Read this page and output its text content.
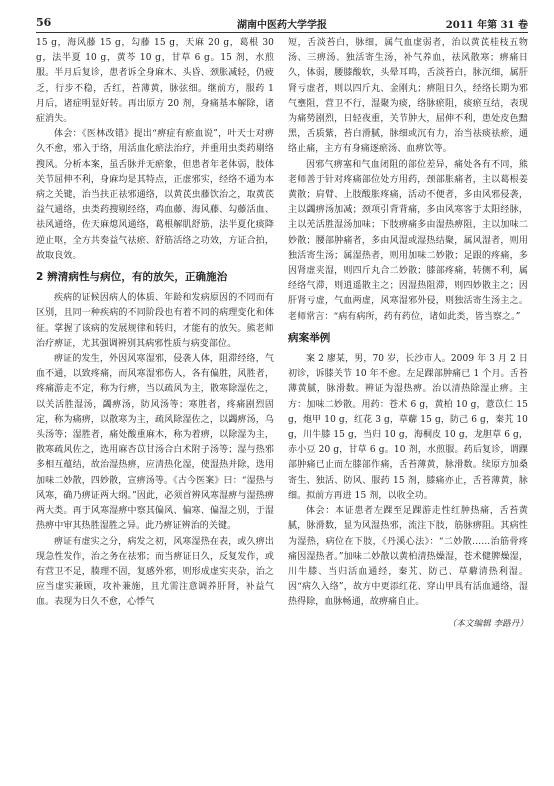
56	湖南中医药大学学报	2011 年第 31 卷

15 g，海风藤 15 g，勾藤 15 g，天麻 20 g，葛根 30 g，法半夏 10 g，黄芩 10 g，甘草 6 g。15 剂，水煎服。半月后复诊，患者诉全身麻木、头昏、颈胀减轻，仍疲乏，行步不稳，舌红，苔薄黄，脉弦细。继前方，服药 1 月后，诸症明显好转。再出原方 20 剂，身痛基本解除，诸症消失。

体会：《医林改错》提出“痹症有瘀血说”，叶天士对痹久不愈，邪入于络，用活血化瘀法治疗，并重用虫类药剔络搜风。分析本案，虽舌脉并无瘀象，但患者年老体弱，肢体关节屈伸不利，身麻均是其特点，正虚邪实，经络不通为本病之关键，治当扶正祛邪通络，以黄芪虫藤饮治之，取黄芪益气通络，虫类药搜剔经络，鸡血藤、海风藤、勾藤活血、祛风通络，佐天麻熄风通络，葛根解肌舒筋，法半夏化痰降逆止呕，全方共奏益气祛瘀、舒筋活络之功效，方证合拍，故取良效。

2 辨清病性与病位，有的放矢，正确施治

疾病的证候因病人的体质、年龄和发病原因的不同而有区别，且同一种疾病的不同阶段也有着不同的病理变化和体征。掌握了该病的发展规律和转归，才能有的放矢。熊老师治疗痹证，尤其强调辨别其病邪性质与病变部位。

痹证的发生，外因风寒湿邪，侵袭人体，阻滞经络，气血不通，以致疼痛，而风寒湿邪伤人，各有偏胜，风胜者，疼痛游走不定，称为行痹，当以疏风为主，散寒除湿佐之，以关活胜湿汤，蠲痹汤，防风汤等；寒胜者，疼痛剧烈固定，称为痛痹，以散寒为主，疏风除湿佐之，以蠲痹汤，乌头汤等；湿胜者，痛处酸重麻木，称为着痹，以除湿为主，散寒疏风佐之，选用麻杏苡甘汤合白术附子汤等；湿与热邪多相互蕴结，故治湿热痹，应清热化湿，使湿热并除，选用加味二妙散，四妙散，宣痹汤等。《古今医案》曰：“湿热与风寒，确乃痹证两大纲。”因此，必须首辨风寒湿痹与湿热痹两大类。再于风寒湿痹中察其偏风、偏寒、偏湿之别，于湿热痹中审其热胜湿胜之异。此乃痹证辨治的关键。

痹证有虚实之分，病发之初，风寒湿热在表，或久痹出现急性发作，治之务在祛邪；而当痹证日久，反复发作，或有营卫不足，腠理不固，复感外邪，则形成虚实夹杂，治之应当虚实兼顾，攻补兼施，且尤需注意调养肝肾，补益气血。表现为日久不愈，心悸气

短，舌淡苔白，脉细，属气血虚弱者，治以黄芪桂枝五物汤、三痹汤、独活寄生汤，补气养血，祛风散寒；痹痛日久，体弱，腰膝酸软，头晕耳鸣，舌淡苔白，脉沉细，属肝肾亏虚者，则以四斤丸、金刚丸；痹阻日久，经络长期为邪气壅阻，营卫不行，湿聚为痰，络脉瘀阻，痰瘀互结，表现为痛势剧烈，日轻夜重，关节肿大，屈伸不利，患处皮色黯黑，舌质紫，苔白滑腻，脉细或沉有力，治当祛痰祛瘀，通络止痛，主方有身痛逐瘀汤、血痹饮等。

因邪气痹塞和气血闭阻的部位差异，痛处各有不同，熊老师善于针对疼痛部位处方用药，颈部胀痛者，主以葛根姜黄散；肩臂、上肢酸胀疼痛，活动不便者，多由风邪侵袭，主以蠲痹汤加减；颈项引背背痛，多由风寒客于太阳经脉，主以羌活胜湿汤加味；下肢痹痛多由湿热痹阻，主以加味二妙散；腰部肿痛者，多由风湿或湿热结聚，属风湿者，则用独活寄生汤；属湿热者，则用加味二妙散；足跟的疼痛，多因肾虚夹湿，则四斤丸合二妙散；膝部疼痛，转侧不利，属经络气滞，则逍遥散主之；因湿热阻滞，则四妙散主之；因肝肾亏虚，气血两虚，风寒湿邪外侵，则独活寄生汤主之。老师常言：“病有病所，药有药位，诸如此类，皆当察之。”

病案举例

案 2 廖某，男，70 岁，长沙市人。2009 年 3 月 2 日初诊，诉膝关节 10 年不愈。左足踝部肿痛已 1 个月。舌苔薄黄腻，脉滑数。辨证为湿热痹。治以清热除湿止痹。主方：加味二妙散。用药：苍术 6 g，黄柏 10 g，薏苡仁 15 g，炮甲 10 g，红花 3 g，草薢 15 g，防己 6 g，秦艽 10 g，川牛膝 15 g，当归 10 g，海桐皮 10 g，龙胆草 6 g，赤小豆 20 g，甘草 6 g。10 剂，水煎服。药后复诊，谓踝部肿痛已止而左膝部作痛，舌苔薄黄，脉滑数。续原方加桑寄生、独活、防风、服药 15 剂，膝痛亦止，舌苔薄黄，脉细。拟前方再进 15 剂，以收全功。

体会：本证患者左踝至足踝游走性红肿热痛，舌苔黄腻，脉滑数，显为风湿热邪，流注下肢，筋脉痹阻。其病性为湿热，病位在下肢，《丹溪心法》：“二妙散……治筋骨疼痛因湿热者。”加味二妙散以黄柏清热燥湿，苍术健脾燥湿，川牛膝、当归活血通经，秦艽、防己、草薢清热利湿。因“病久入络”，故方中更添红花、穿山甲具有活血通络，湿热得除，血脉畅通，故痹痛自止。

（本文编辑 李路丹）
